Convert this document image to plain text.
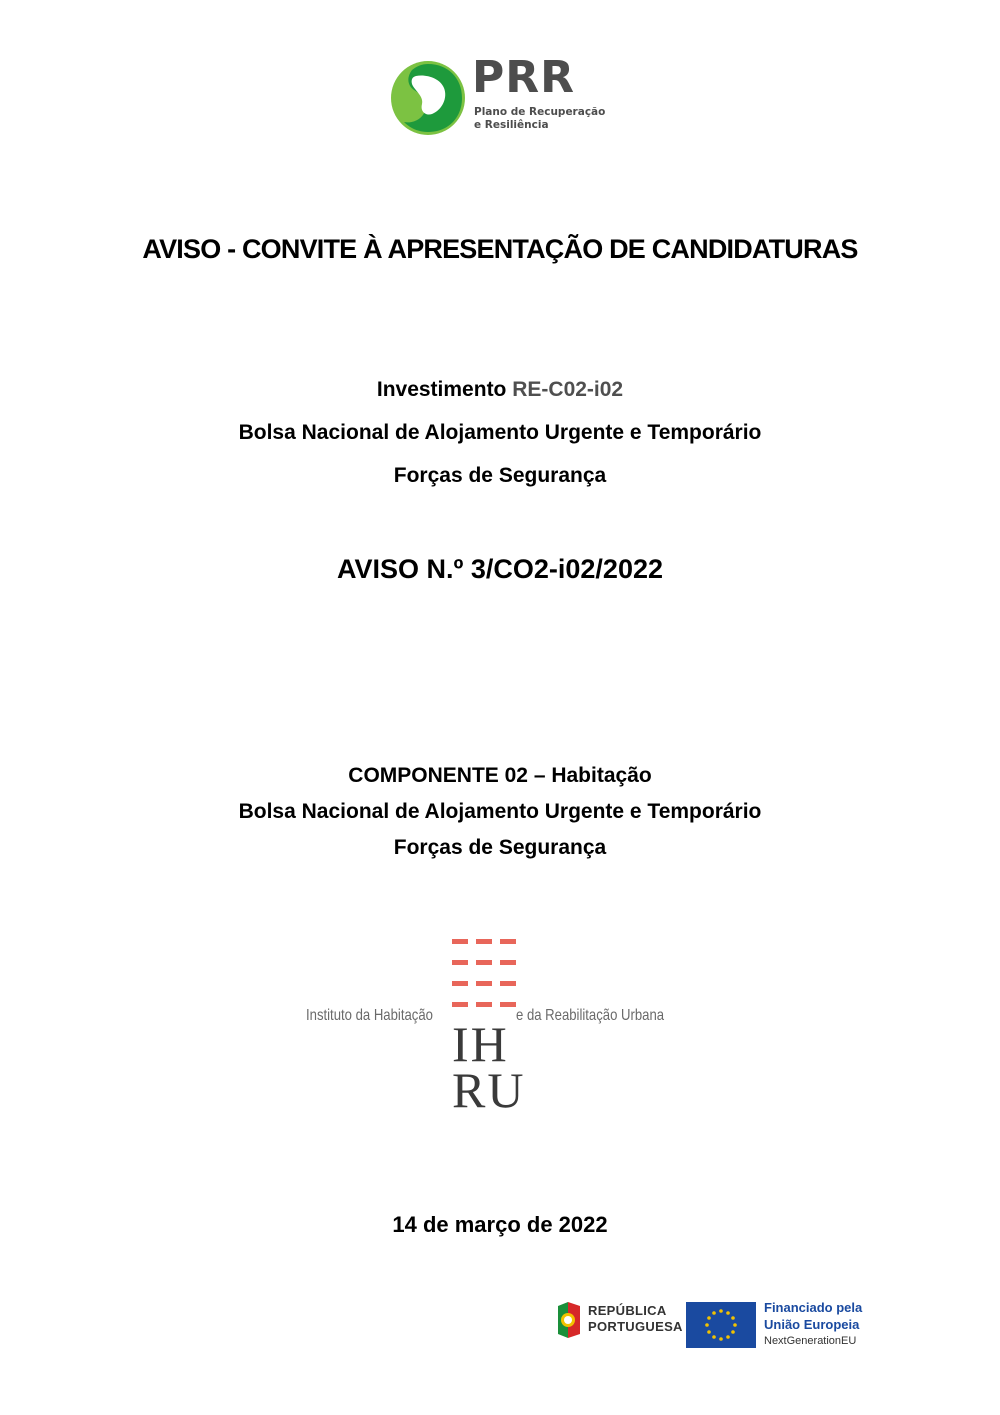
PRR
Plano de Recuperação
e Resiliência
AVISO - CONVITE À APRESENTAÇÃO DE CANDIDATURAS
Investimento RE-C02-i02
Bolsa Nacional de Alojamento Urgente e Temporário
Forças de Segurança
AVISO N.º 3/CO2-i02/2022
COMPONENTE 02 – Habitação
Bolsa Nacional de Alojamento Urgente e Temporário
Forças de Segurança
Instituto da Habitação	e da Reabilitação Urbana
IH
RU
14 de março de 2022
REPÚBLICA
PORTUGUESA
Financiado pela
União Europeia
NextGenerationEU
